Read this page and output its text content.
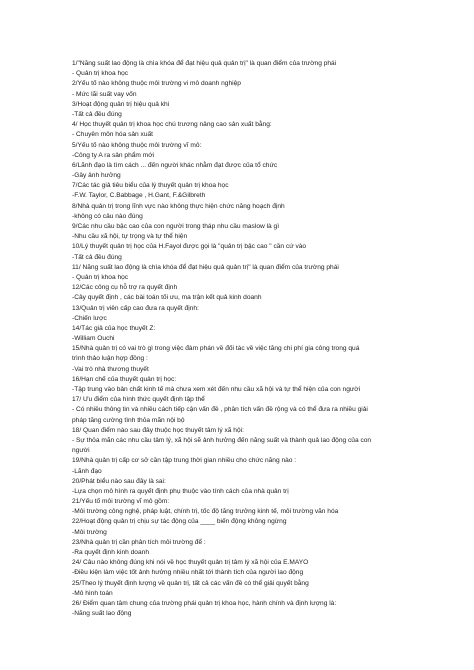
1/"Năng suất lao động là chìa khóa để đạt hiệu quả quản trị" là quan điểm của trường phái
- Quản trị khoa học
2/Yếu tố nào không thuộc môi trường vi mô doanh nghiệp
- Mức lãi suất vay vốn
3/Hoạt động quản trị hiệu quả khi
-Tất cả đều đúng
4/ Học thuyết quản trị khoa học chú trương nâng cao sản xuất bằng:
- Chuyên môn hóa sản xuất
5/Yếu tố nào không thuộc môi trường vĩ mô:
-Công ty A ra sản phẩm mới
6/Lãnh đạo là tìm cách ... đến người khác nhằm đạt được của tổ chức
-Gây ảnh hưởng
7/Các tác giả tiêu biểu của lý thuyết quản trị khoa học
-F.W. Taylor, C.Babbage , H.Gant, F.&Gilbreth
8/Nhà quản trị trong lĩnh vực nào không thực hiện chức năng hoạch định
-không có câu nào đúng
9/Các nhu cầu bậc cao của con người trong tháp nhu cầu maslow là gì
-Nhu cầu xã hội, tự trọng và tự thể hiện
10/Lý thuyết quản trị học của H.Fayol được gọi là "quản trị bậc cao " cần cứ vào
-Tất cả đều đúng
11/ Năng suất lao động là chìa khóa để đạt hiệu quả quản trị" là quan điểm của trường phái
- Quản trị khoa học
12/Các công cụ hỗ trợ ra quyết định
-Cây quyết định , các bài toán tối ưu, ma trận kết quả kinh doanh
13/Quản trị viên cấp cao đưa ra quyết định:
-Chiến lược
14/Tác giả của học thuyết Z:
-William Ouchi
15/Nhà quản trị có vai trò gì trong việc đàm phán về đối tác về việc tăng chi phí gia công trong quá
trình thảo luận hợp đồng :
-Vai trò nhà thương thuyết
16/Hạn chế của thuyết quản trị học:
-Tập trung vào bản chất kinh tế mà chưa xem xét đến nhu cầu xã hội và tự thể hiện của con người
17/ Ưu điểm của hình thức quyết định tập thể
- Có nhiều thông tin và nhiều cách tiếp cận vấn đề , phân tích vấn đề rộng và có thể đưa ra nhiều giải
pháp tăng cường tình thỏa mãn nội bộ
18/ Quan điểm nào sau đây thuộc học thuyết tâm lý xã hội:
- Sự thỏa mãn các nhu cầu tâm lý, xã hội sẽ ảnh hưởng đến năng suất và thành quả lao động của con
người
19/Nhà quản trị cấp cơ sở cần tập trung thời gian nhiều cho chức năng nào :
-Lãnh đạo
20/Phát biểu nào sau đây là sai:
-Lựa chọn mô hình ra quyết định phụ thuộc vào tính cách của nhà quản trị
21/Yếu tố môi trường vĩ mô gồm:
-Môi trường công nghệ, pháp luật, chính trị, tốc độ tăng trưởng kinh tế, môi trường văn hóa
22/Hoạt động quản trị chịu sự tác động của ____ biến động không ngừng
-Môi trường
23/Nhà quản trị cần phân tích môi trường để :
-Ra quyết định kinh doanh
24/ Câu nào không đúng khi nói về học thuyết quản trị tâm lý xã hội của E.MAYO
-Điều kiện làm việc tốt ảnh hưởng nhiều nhất tới thành tích của người lao động
25/Theo lý thuyết định lượng về quản trị, tất cả các vấn đề có thể giải quyết bằng
-Mô hình toán
26/ Điểm quan tâm chung của trường phái quản trị khoa học, hành chính và định lượng là:
-Năng suất lao động
